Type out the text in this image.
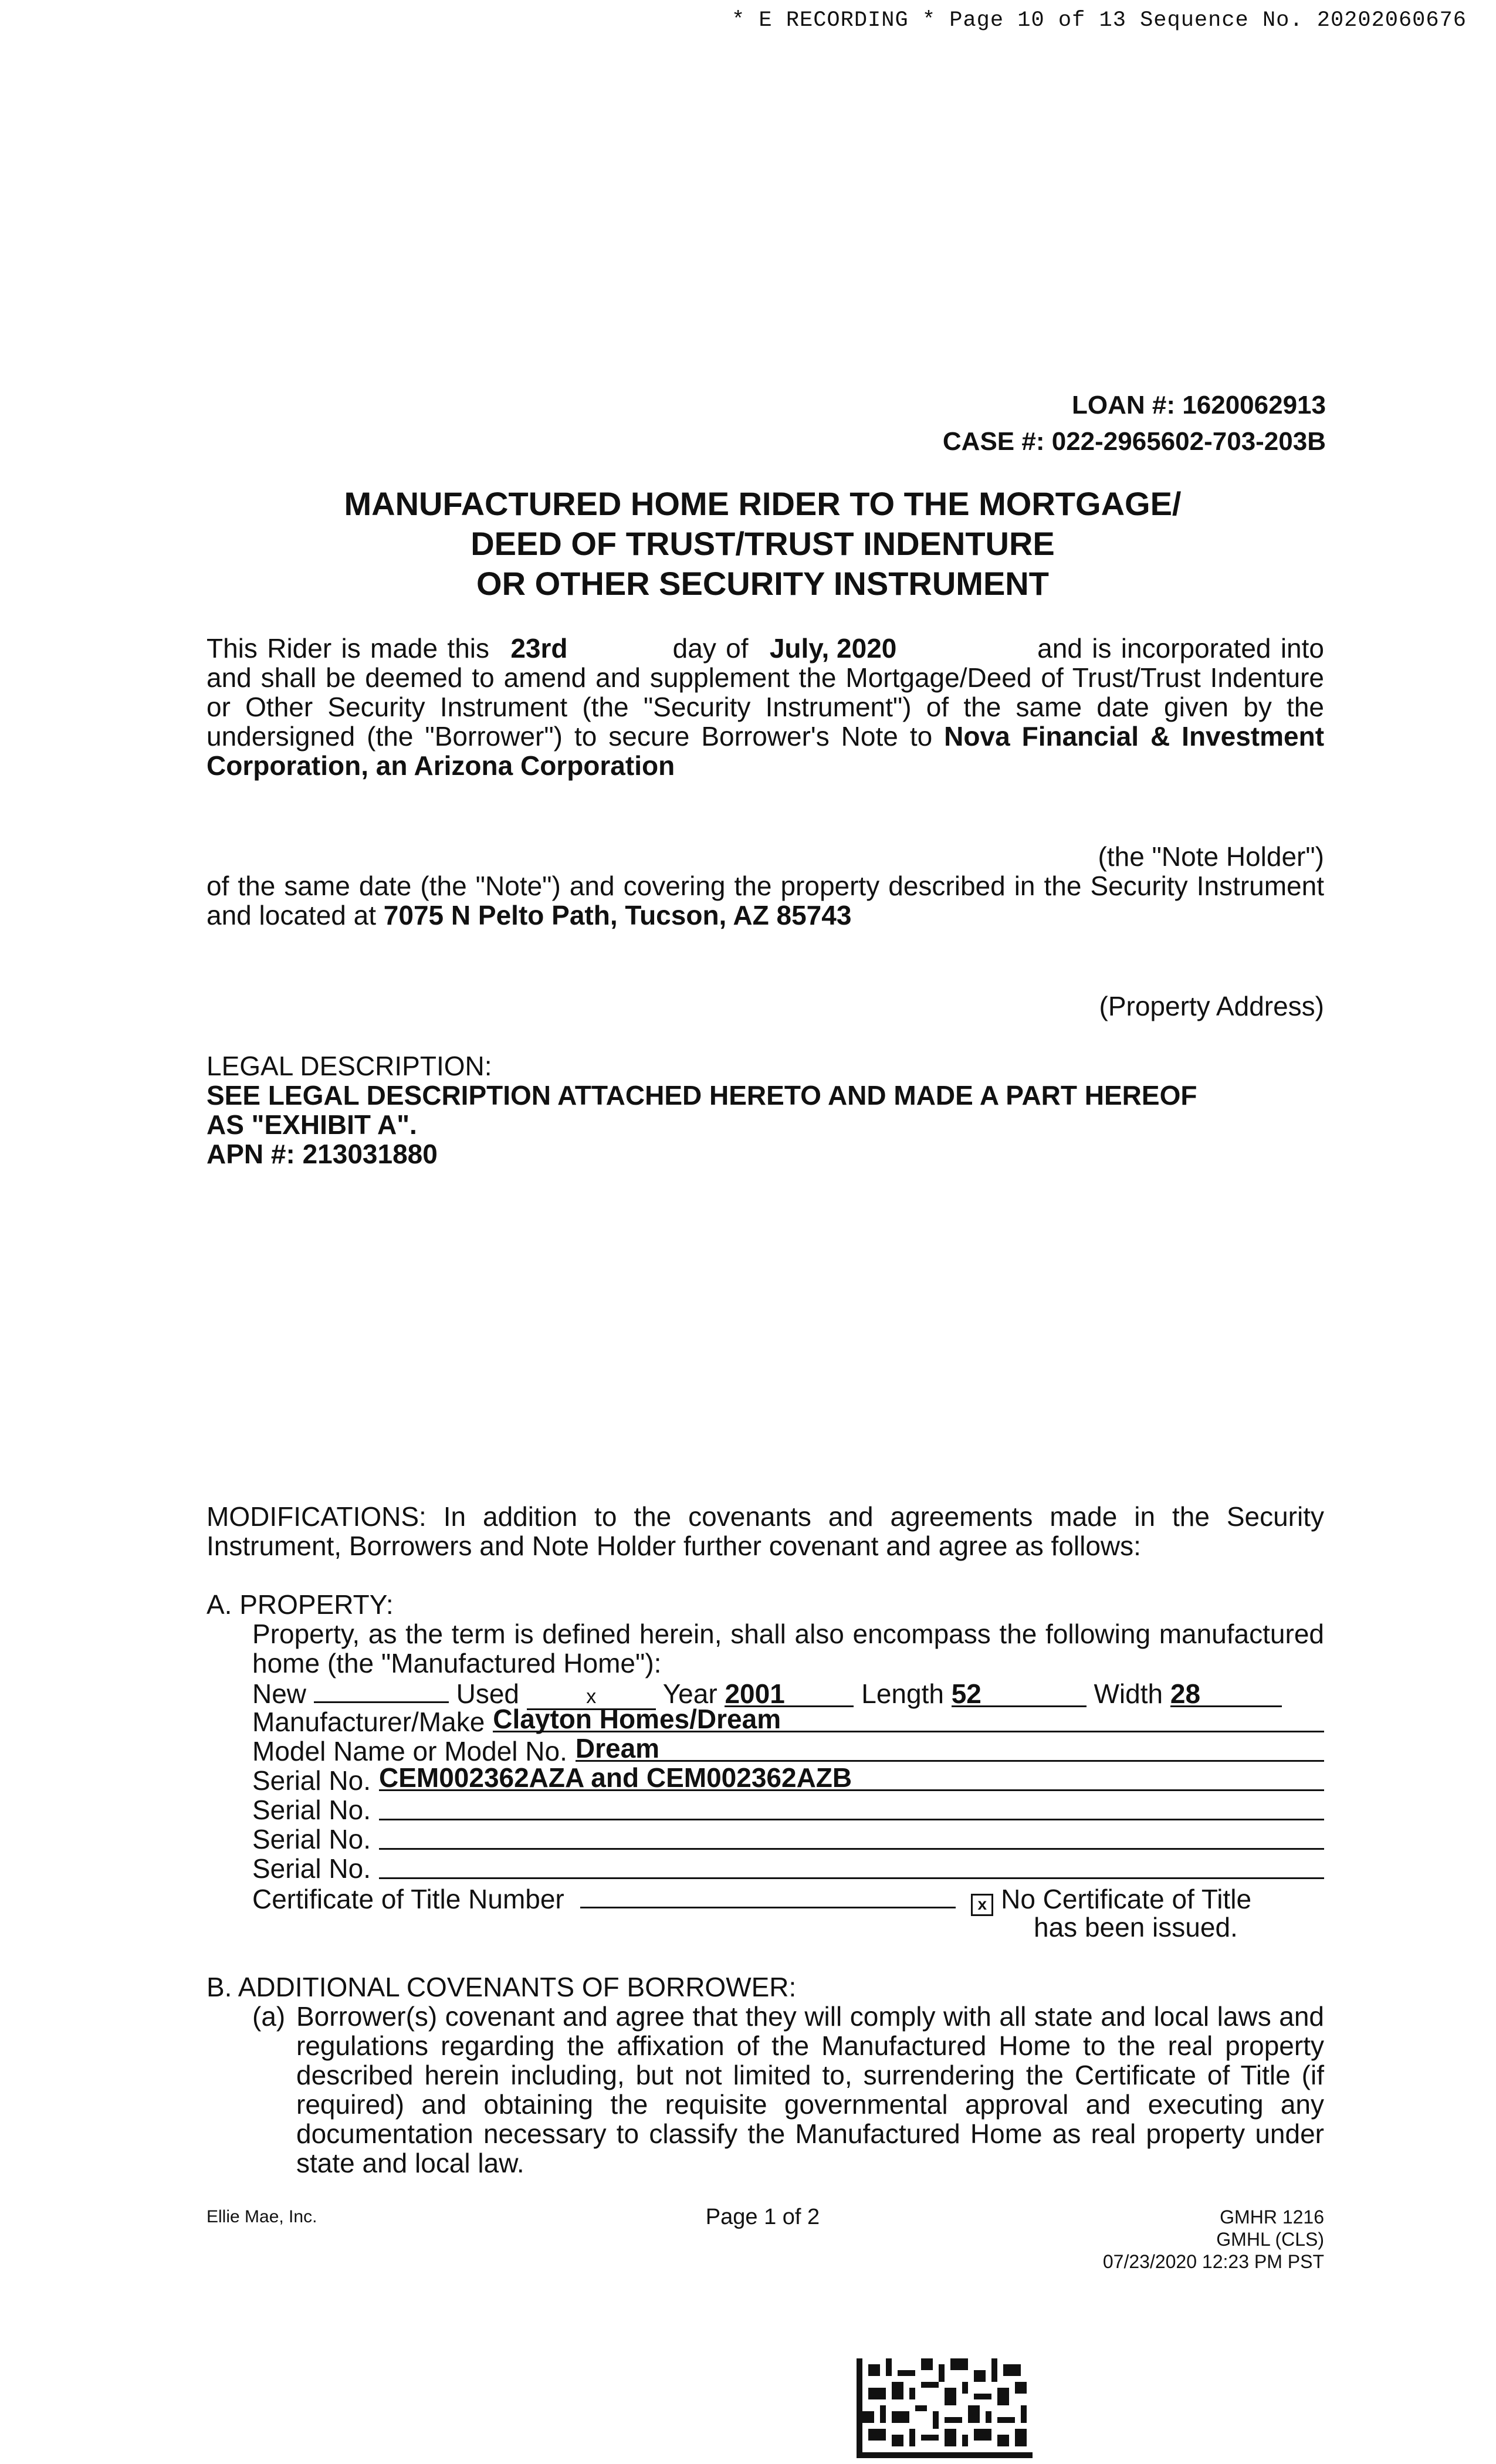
* E RECORDING * Page 10 of 13 Sequence No. 20202060676
LOAN #: 1620062913
CASE #: 022-2965602-703-203B
MANUFACTURED HOME RIDER TO THE MORTGAGE/
DEED OF TRUST/TRUST INDENTURE
OR OTHER SECURITY INSTRUMENT
This Rider is made this 23rd	day of July, 2020	and is incorporated into and shall be deemed to amend and supplement the Mortgage/Deed of Trust/Trust Indenture or Other Security Instrument (the "Security Instrument") of the same date given by the undersigned (the "Borrower") to secure Borrower's Note to Nova Financial & Investment Corporation, an Arizona Corporation
(the "Note Holder")
of the same date (the "Note") and covering the property described in the Security Instrument and located at 7075 N Pelto Path, Tucson, AZ 85743
(Property Address)
LEGAL DESCRIPTION:
SEE LEGAL DESCRIPTION ATTACHED HERETO AND MADE A PART HEREOF
AS "EXHIBIT A".
APN #: 213031880
MODIFICATIONS: In addition to the covenants and agreements made in the Security Instrument, Borrowers and Note Holder further covenant and agree as follows:
A. PROPERTY:
Property, as the term is defined herein, shall also encompass the following manufactured home (the "Manufactured Home"):
New	Used	x Year 2001	Length 52	Width 28
Manufacturer/Make Clayton Homes/Dream
Model Name or Model No. Dream
Serial No. CEM002362AZA and CEM002362AZB
Serial No.
Serial No.
Serial No.
Certificate of Title Number	x No Certificate of Title
has been issued.
B. ADDITIONAL COVENANTS OF BORROWER:
(a) Borrower(s) covenant and agree that they will comply with all state and local laws and regulations regarding the affixation of the Manufactured Home to the real property described herein including, but not limited to, surrendering the Certificate of Title (if required) and obtaining the requisite governmental approval and executing any documentation necessary to classify the Manufactured Home as real property under state and local law.
Ellie Mae, Inc.	Page 1 of 2	GMHR 1216
GMHL (CLS)
07/23/2020 12:23 PM PST
